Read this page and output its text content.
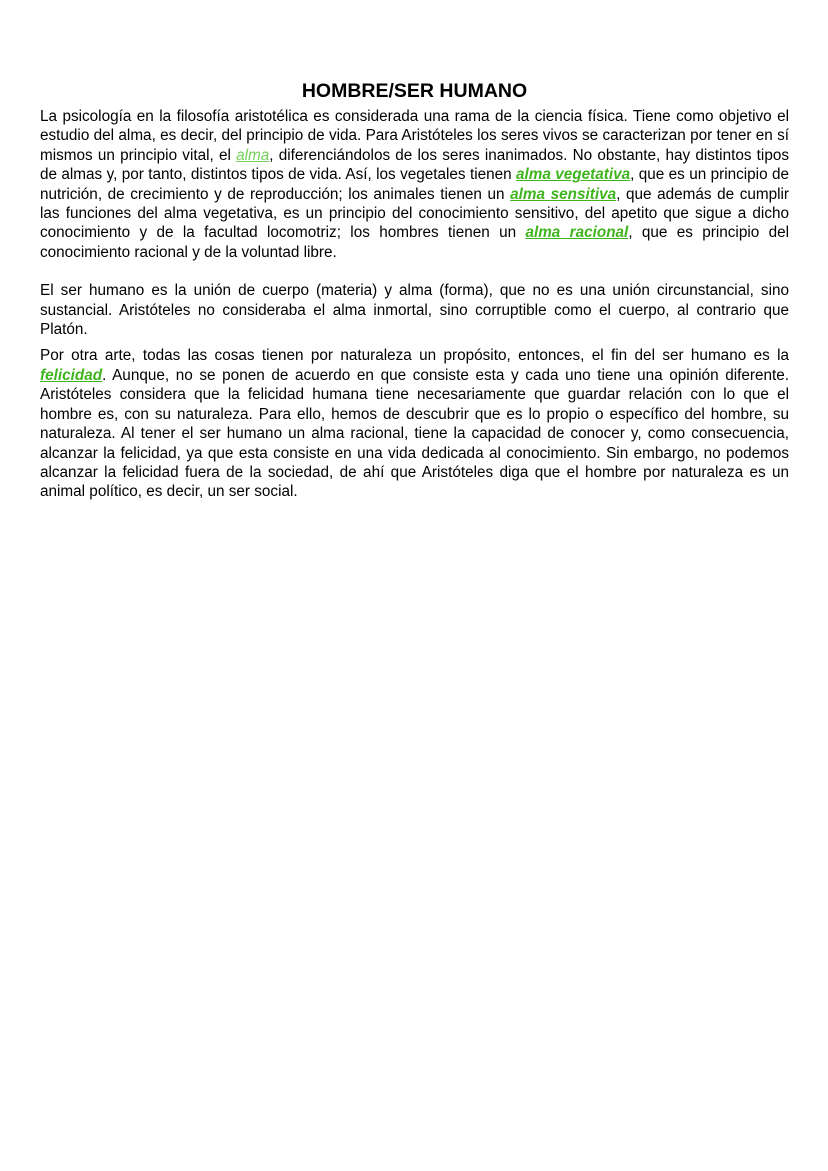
HOMBRE/SER HUMANO

La psicología en la filosofía aristotélica es considerada una rama de la ciencia física. Tiene como objetivo el estudio del alma, es decir, del principio de vida. Para Aristóteles los seres vivos se caracterizan por tener en sí mismos un principio vital, el alma, diferenciándolos de los seres inanimados. No obstante, hay distintos tipos de almas y, por tanto, distintos tipos de vida. Así, los vegetales tienen alma vegetativa, que es un principio de nutrición, de crecimiento y de reproducción; los animales tienen un alma sensitiva, que además de cumplir las funciones del alma vegetativa, es un principio del conocimiento sensitivo, del apetito que sigue a dicho conocimiento y de la facultad locomotriz; los hombres tienen un alma racional, que es principio del conocimiento racional y de la voluntad libre.

El ser humano es la unión de cuerpo (materia) y alma (forma), que no es una unión circunstancial, sino sustancial. Aristóteles no consideraba el alma inmortal, sino corruptible como el cuerpo, al contrario que Platón.

Por otra arte, todas las cosas tienen por naturaleza un propósito, entonces, el fin del ser humano es la felicidad. Aunque, no se ponen de acuerdo en que consiste esta y cada uno tiene una opinión diferente. Aristóteles considera que la felicidad humana tiene necesariamente que guardar relación con lo que el hombre es, con su naturaleza. Para ello, hemos de descubrir que es lo propio o específico del hombre, su naturaleza. Al tener el ser humano un alma racional, tiene la capacidad de conocer y, como consecuencia, alcanzar la felicidad, ya que esta consiste en una vida dedicada al conocimiento. Sin embargo, no podemos alcanzar la felicidad fuera de la sociedad, de ahí que Aristóteles diga que el hombre por naturaleza es un animal político, es decir, un ser social.
